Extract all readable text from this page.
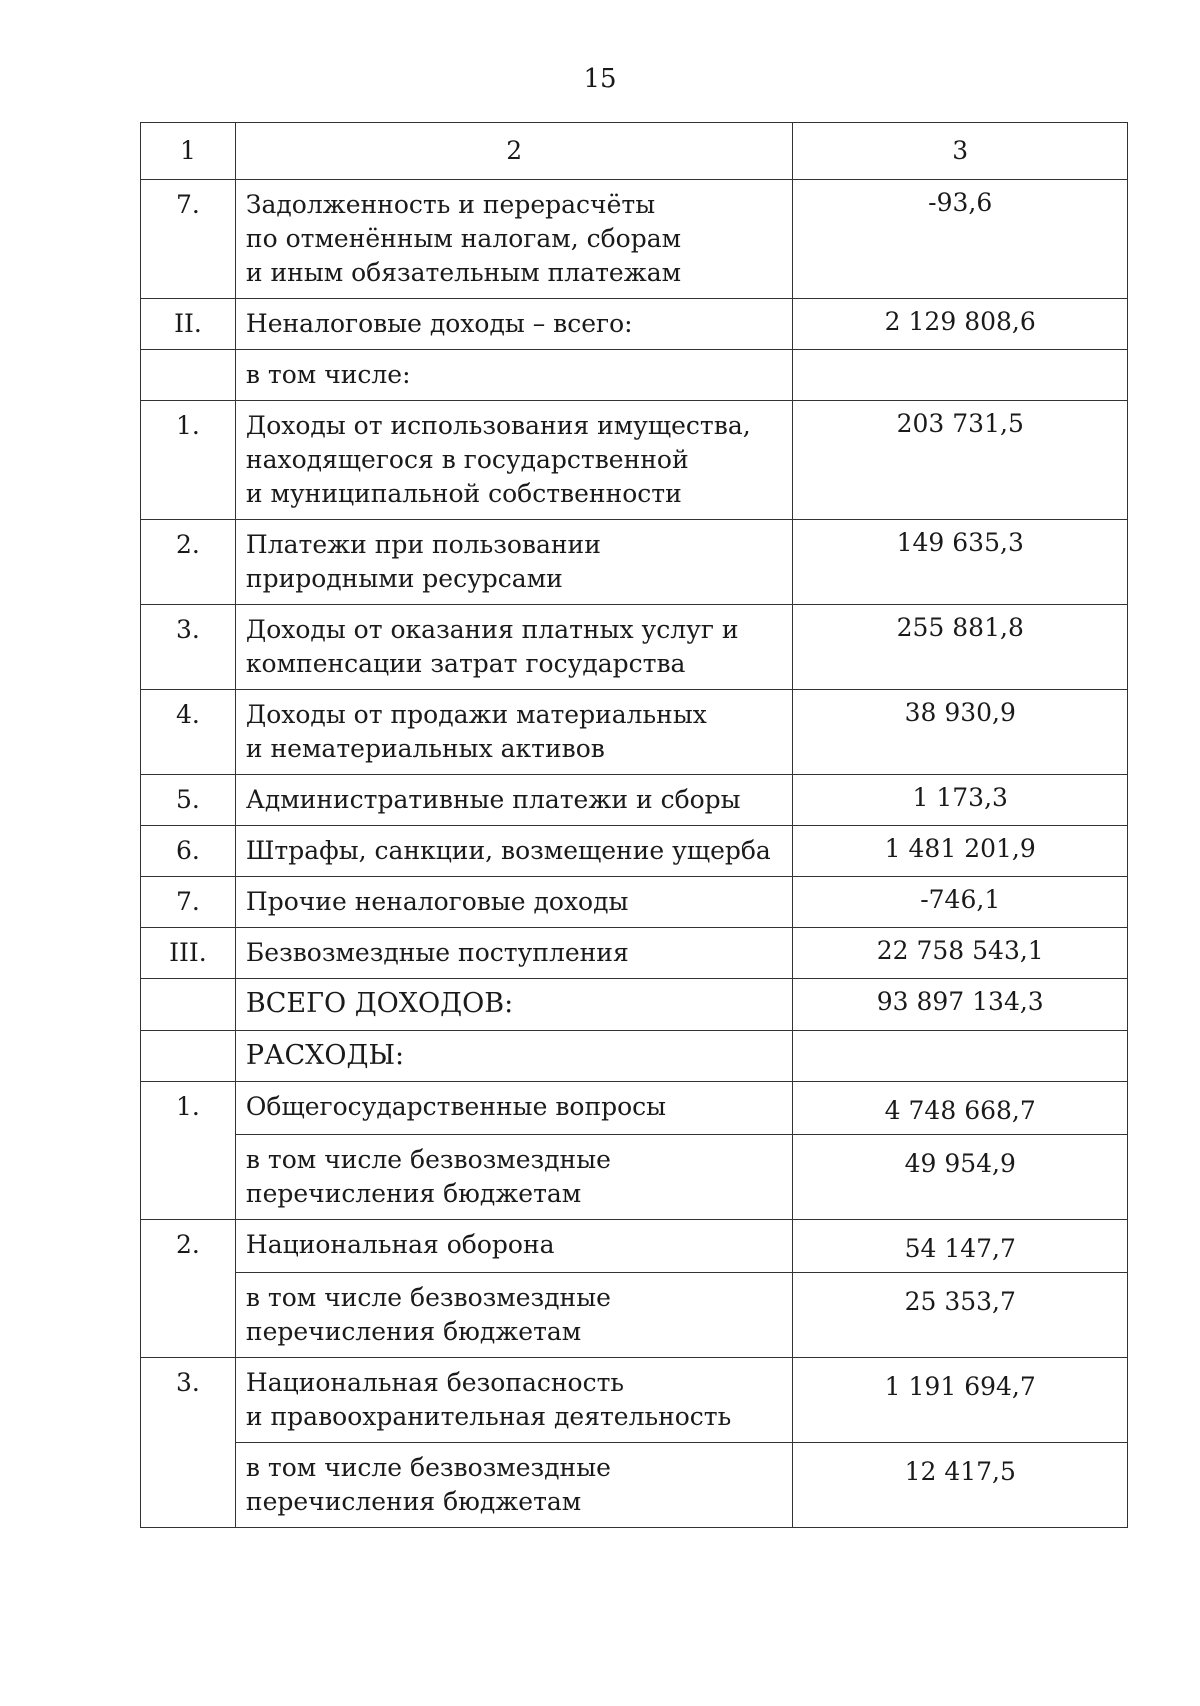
15
1	2	3
7.	Задолженность и перерасчёты
по отменённым налогам, сборам
и иным обязательным платежам	-93,6
II.	Неналоговые доходы – всего:	2 129 808,6
	в том числе:	
1.	Доходы от использования имущества,
находящегося в государственной
и муниципальной собственности	203 731,5
2.	Платежи при пользовании
природными ресурсами	149 635,3
3.	Доходы от оказания платных услуг и
компенсации затрат государства	255 881,8
4.	Доходы от продажи материальных
и нематериальных активов	38 930,9
5.	Административные платежи и сборы	1 173,3
6.	Штрафы, санкции, возмещение ущерба	1 481 201,9
7.	Прочие неналоговые доходы	-746,1
III.	Безвозмездные поступления	22 758 543,1
	ВСЕГО ДОХОДОВ:	93 897 134,3
	РАСХОДЫ:	
1.	Общегосударственные вопросы	4 748 668,7
	в том числе безвозмездные
перечисления бюджетам	49 954,9
2.	Национальная оборона	54 147,7
	в том числе безвозмездные
перечисления бюджетам	25 353,7
3.	Национальная безопасность
и правоохранительная деятельность	1 191 694,7
	в том числе безвозмездные
перечисления бюджетам	12 417,5
